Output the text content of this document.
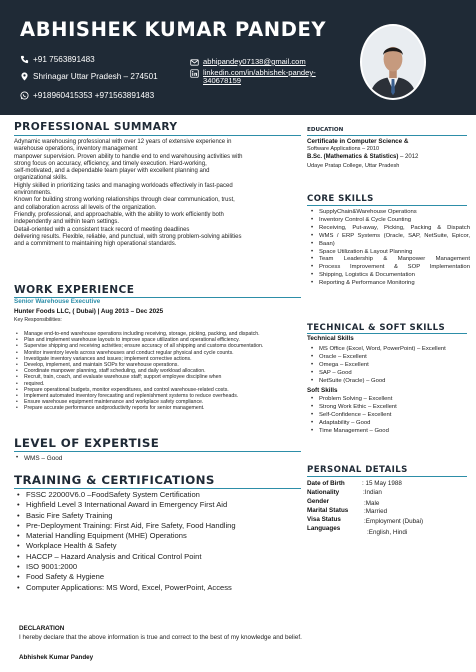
ABHISHEK KUMAR PANDEY
+91 7563891483
Shrinagar Uttar Pradesh – 274501
+918960415353 +971563891483
abhipandey07138@gmail.com
linkedin.com/in/abhishek-pandey-
340678159
PROFESSIONAL SUMMARY
Adynamic warehousing professional with over 12 years of extensive experience in
warehouse operations, inventory management
manpower supervision. Proven ability to handle end to end warehousing activities with
strong focus on accuracy, efficiency, and timely execution. Hard-working,
self-motivated, and a dependable team player with excellent planning and
organizational skills.
Highly skilled in prioritizing tasks and managing workloads effectively in fast-paced
environments.
Known for building strong working relationships through clear communication, trust,
and collaboration across all levels of the organization.
Friendly, professional, and approachable, with the ability to work efficiently both
independently and within team settings.
Detail-oriented with a consistent track record of meeting deadlines
delivering results. Flexible, reliable, and punctual, with strong problem-solving abilities
and a commitment to maintaining high operational standards.
WORK EXPERIENCE
Senior Warehouse Executive
Hunter Foods LLC, ( Dubai) | Aug 2013 – Dec 2025
Key Responsibilities:
• Manage end-to-end warehouse operations including receiving, storage, picking, packing, and dispatch.
• Plan and implement warehouse layouts to improve space utilization and operational efficiency.
• Supervise shipping and receiving activities; ensure accuracy of all shipping and customs documentation.
• Monitor inventory levels across warehouses and conduct regular physical and cycle counts.
• Investigate inventory variances and issues; implement corrective actions.
• Develop, implement, and maintain SOPs for warehouse operations.
• Coordinate manpower planning, staff scheduling, and daily workload allocation.
• Recruit, train, coach, and evaluate warehouse staff; support employee discipline when
• required.
• Prepare operational budgets, monitor expenditures, and control warehouse-related costs.
• Implement automated inventory forecasting and replenishment systems to reduce overheads.
• Ensure warehouse equipment maintenance and workplace safety compliance.
• Prepare accurate performance andproductivity reports for senior management.
LEVEL OF EXPERTISE
• WMS – Good
TRAINING & CERTIFICATIONS
• FSSC 22000V6.0 –FoodSafety System Certification
• Highfield Level 3 International Award in Emergency First Aid
• Basic Fire Safety Training
• Pre-Deployment Training: First Aid, Fire Safety, Food Handling
• Material Handling Equipment (MHE) Operations
• Workplace Health & Safety
• HACCP – Hazard Analysis and Critical Control Point
• ISO 9001:2000
• Food Safety & Hygiene
• Computer Applications: MS Word, Excel, PowerPoint, Access
EDUCATION
Certificate in Computer Science &
Software Applications – 2010
B.Sc. (Mathematics & Statistics) – 2012
Udaye Pratap College, Uttar Pradesh
CORE SKILLS
• SupplyChain&Warehouse Operations
• Inventory Control & Cycle Counting
• Receiving, Put-away, Picking, Packing & Dispatch
• WMS / ERP Systems (Oracle, SAP, NetSuite, Epicor,
• Baan)
• Space Utilization & Layout Planning
• Team Leadership & Manpower Management
• Process Improvement & SOP Implementation
• Shipping, Logistics & Documentation
• Reporting & Performance Monitoring
TECHNICAL & SOFT SKILLS
Technical Skills
• MS Office (Excel, Word, PowerPoint) – Excellent
• Oracle – Excellent
• Omega – Excellent
• SAP – Good
• NetSuite (Oracle) – Good
Soft Skills
• Problem Solving – Excellent
• Strong Work Ethic – Excellent
• Self-Confidence – Excellent
• Adaptability – Good
• Time Management – Good
PERSONAL DETAILS
Date of Birth	: 15 May 1988
Nationality	:Indian
Gender	:Male
Marital Status :Married
Visa Status	:Employment (Dubai)
Languages
:English, Hindi
DECLARATION
I hereby declare that the above information is true and correct to the best of my knowledge and belief.
Abhishek Kumar Pandey
